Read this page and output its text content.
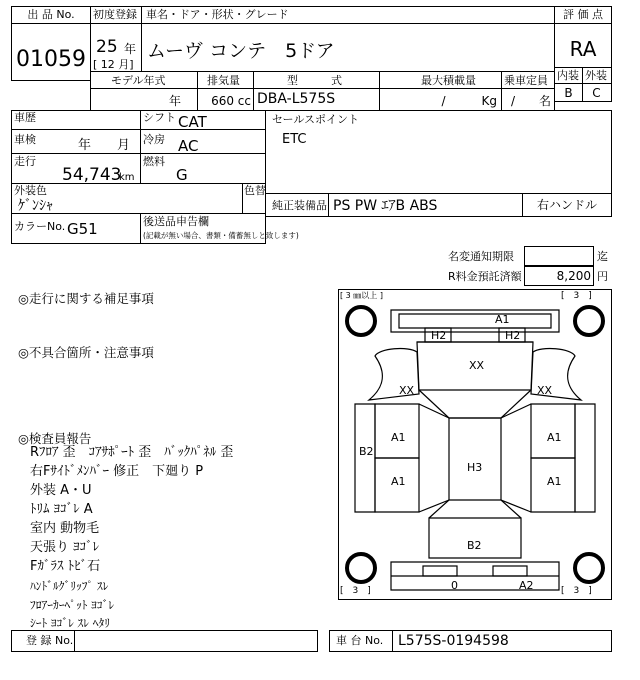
出 品 No.
01059
初度登録
25 年
[ 12 月]
車名・ドア・形状・グレード
ムーヴ コンテ　5ドア
評 価 点
RA
内装 外装
B	C
モデル年式	排気量	型　　　式	最大積載量	乗車定員
年	660 cc DBA-L575S	/　　　Kg	/　　名
車歴	シフト CAT
車検	年　　月 冷房 AC
走行
54,743
km
燃料
G
外装色
ｹﾞﾝｼｬ
色替
カラーNo. G51	後送品申告欄
(記載が無い場合、書類・備蓄無しと致します)
セールスポイント
ETC
純正装備品 PS PW ｴｱB ABS	右ハンドル
名変通知期限	迄
R料金預託済額	8,200 円
◎走行に関する補足事項
◎不具合箇所・注意事項
◎検査員報告
Rﾌﾛｱ 歪　ｺｱｻﾎﾟｰﾄ 歪　ﾊﾞｯｸﾊﾟﾈﾙ 歪
右Fｻｲﾄﾞﾒﾝﾊﾞｰ 修正　下廻り P
外装 A・U
ﾄﾘﾑ ﾖｺﾞﾚ A
室内 動物毛
天張り ﾖｺﾞﾚ
Fｶﾞﾗｽ ﾄﾋﾞ石
ﾊﾝﾄﾞﾙｸﾞﾘｯﾌﾟ ｽﾚ
ﾌﾛｱｰｶｰﾍﾟｯﾄ ﾖｺﾞﾚ
ｼｰﾄ ﾖｺﾞﾚ ｽﾚ ﾍﾀﾘ
[ 3 ㎜以上 ]	[　3　]
[　3　]	[　3　]
A1
H2	H2
XX
XX	XX
B2
A1
A1
A1
A1
H3
B2
0	A2
登 録 No.	車 台 No. L575S-0194598
